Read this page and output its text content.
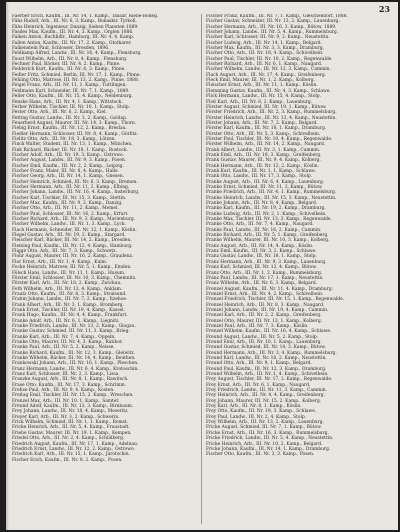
23

Faerber Erich, Kaufm., III. Nr. 14, 1. Kamp., Taxsar, Riebe-Bodeg.

Fähs Rudolf, Arb., III. Nr. 6, 3. Kamp., Bukaskir. Tyrkoll.

Fähs Heinrich, Ingenieur, Danzig, Sieben Planeten 1889.

Fasdes Max, Kaufm., III. Nr. 4, 3. Kamp., Orgien 1886.

Falken Anton, Buchhdlr., Hamburg, III. Nr. 4, 4. Kamp.

Fallen Anton, Kaufm., III. Nr. 17, 2. Kamp., Gtotkarer.

Falkenstein Paul, Schlosser, Dresden, 1896.

Feldkamp Alfred, Landw., III. Nr. 16, 4. Kamp., Flensburg.

Faust Wilhelm, Arb., III. Nr. 8, 4. Kamp., Flensburg.

Fechner Paul, Bäcker, III. Nr. 4, 2. Kamp., Pinne.

Fedderich Kurt, Kaufm., III. Nr. 6, 3. Kamp., Pinne.

Fedler Fritz, Schmied, Berlin, III. Nr. 17, 1. Kamp., Pinne.

Fehling Otto, Matrose, III. Nr. 13, 2. Kamp., Pinne, 1888.

Feigel Franz, Arb., III. Nr. 11, 1. Kamp., Tuttlingen.

Feldmann Karl, Schneider, III. Nr. 7, 1. Kamp., 1889.

Feller Otto, Kaufm., III. Nr. 15, 4. Kamp., Neidenburg.

Fenske Hans, Arb., III. Nr. 4, 1. Kamp., Wittstock.

Ferber Wilhelm, Tischler, III. Nr. 10, 1. Kamp., Stolp.

Fester Otto, Arb., III. Nr. 6, 2. Kamp., Kiel.

Fetting Gustav, Landw., III. Nr. 3, 2. Kamp., Goldap.

Feuerherd August, Maurer, III. Nr. 14, 3. Kamp., Thorn.

Fiebig Ernst, Kaufm., III. Nr. 12, 2. Kamp., Breslau.

Fiedler Hermann, Schlosser, III. Nr. 8, 4. Kamp., Görlitz.

Fielitz Otto, Arb., III. Nr. 18, 3. Kamp., Lötzen.

Finck Walter, Student, III. Nr. 13, 1. Kamp., München.

Fink Richard, Bäcker, III. Nr. 18, 1. Kamp., Rostock.

Fischer Adolf, Arb., III. Nr. 19, 3. Kamp., Ostrowo.

Fischer August, Landw., III. Nr. 9, 3. Kamp., Posen.

Fischer Emil, Kaufm., III. Nr. 2, 2. Kamp., Leipzig.

Fischer Franz, Maler, III. Nr. 8, 4. Kamp., Halle.

Fischer Georg, Arb., III. Nr. 14, 1. Kamp., Gnesen.

Fischer Heinrich, Schmied, III. Nr. 6, 3. Kamp., Bremen.

Fischer Hermann, Arb., III. Nr. 11, 2. Kamp., Elbing.

Fischer Johann, Landw., III. Nr. 16, 4. Kamp., Insterburg.

Fischer Karl, Tischler, III. Nr. 15, 3. Kamp., Stettin.

Fischer Max, Kaufm., III. Nr. 9, 2. Kamp., Danzig.

Fischer Otto, Arb., III. Nr. 11, 2. Kamp., Memel.

Fischer Paul, Schlosser, III. Nr. 16, 2. Kamp., Erfurt.

Fischer Richard, Arb., III. Nr. 9, 3. Kamp., Marienburg.

Fischer Wilhelm, Landw., III. Nr. 1, 3. Kamp., Lyck.

Flach Hermann, Schneider, III. Nr. 12, 1. Kamp., Köslin.

Flegel Gustav, Arb., III. Nr. 19, 2. Kamp., Stargard.

Fleischer Karl, Bäcker, III. Nr. 14, 2. Kamp., Dresden.

Fleming Paul, Kaufm., III. Nr. 12, 4. Kamp., Hamburg.

Fligge Otto, Arb., III. Nr. 7, 3. Kamp., Schwetz.

Flohr August, Maurer, III. Nr. 16, 2. Kamp., Graudenz.

Flor Ernst, Arb., III. Nr. 1, 4. Kamp., Kulm.

Focke Heinrich, Matrose, III. Nr. 5, 1. Kamp., Emden.

Fölsch Hans, Landw., III. Nr. 11, 1. Kamp., Husum.

Förster Emil, Schlosser, III. Nr. 10, 3. Kamp., Chemnitz.

Förster Karl, Arb., III. Nr. 18, 2. Kamp., Zwickau.

Foth Wilhelm, Arb., III. Nr. 13, 4. Kamp., Anklam.

Fraatz Otto, Kaufm., III. Nr. 8, 3. Kamp., Stralsund.

Frahm Johann, Landw., III. Nr. 7, 2. Kamp., Itzehoe.

Frank Albert, Arb., III. Nr. 3, 1. Kamp., Bromberg.

Frank Ernst, Tischler, III. Nr. 19, 4. Kamp., Kassel.

Frank Hugo, Kaufm., III. Nr. 4, 4. Kamp., Frankfurt.

Franke Adolf, Arb., III. Nr. 6, 1. Kamp., Liegnitz.

Franke Friedrich, Landw., III. Nr. 13, 2. Kamp., Glogau.

Franke Gustav, Schmied, III. Nr. 11, 3. Kamp., Brieg.

Franke Karl, Arb., III. Nr. 7, 4. Kamp., Oppeln.

Franke Otto, Maurer, III. Nr. 4, 3. Kamp., Ratibor.

Franke Paul, Arb., III. Nr. 5, 2. Kamp., Neisse.

Franke Richard, Kaufm., III. Nr. 12, 3. Kamp., Gleiwitz.

Franke Wilhelm, Bäcker, III. Nr. 14, 4. Kamp., Beuthen.

Frankowski Johann, Arb., III. Nr. 16, 1. Kamp., Pleschen.

Franz Hermann, Landw., III. Nr. 6, 4. Kamp., Krotoschin.

Franz Karl, Schlosser, III. Nr. 2, 3. Kamp., Lissa.

Franzke August, Arb., III. Nr. 8, 1. Kamp., Rawitsch.

Frase Otto, Kaufm., III. Nr. 17, 3. Kamp., Schrimm.

Frehse Paul, Arb., III. Nr. 9, 4. Kamp., Kosten.

Freitag Emil, Tischler, III. Nr. 15, 2. Kamp., Wreschen.

Frenzel Max, Arb., III. Nr. 10, 1. Kamp., Samter.

Freund Adolf, Kaufm., III. Nr. 13, 3. Kamp., Birnbaum.

Frey Johann, Landw., III. Nr. 18, 4. Kamp., Meseritz.

Freyer Karl, Arb., III. Nr. 3, 2. Kamp., Schwerin.

Frick Wilhelm, Schmied, III. Nr. 1, 1. Kamp., Bomst.

Fricke Heinrich, Arb., III. Nr. 5, 4. Kamp., Fraustadt.

Friebe Gustav, Maurer, III. Nr. 19, 1. Kamp., Kempen.

Friedel Otto, Arb., III. Nr. 2, 4. Kamp., Schildberg.

Friedrich August, Kaufm., III. Nr. 17, 1. Kamp., Adelnau.

Friedrich Ernst, Landw., III. Nr. 12, 2. Kamp., Ostrowo.

Friedrich Karl, Arb., III. Nr. 15, 1. Kamp., Jarotschin.

Fischer Erich, Kaufm., III. Nr. 8, 2. Kamp., Posen.

Fischer Franz, Kaufm., III. Nr. 7, 1. Kamp., Gleschendorf, 1888.

Fischer Gustav, Schneider, III. Nr. 13, 2. Kamp., Lauenburg.

Fischer Hermann, Arb., III. Nr. 16, 3. Kamp., Bütow, 1889.

Fischer Johann, Landw., III. Nr. 5, 4. Kamp., Rummelsburg.

Fischer Karl, Schlosser, III. Nr. 9, 2. Kamp., Neustettin.

Fischer Ludwig, Arb., III. Nr. 14, 1. Kamp., Belgard.

Fischer Max, Kaufm., III. Nr. 3, 3. Kamp., Dramburg.

Fischer Otto, Arb., III. Nr. 18, 4. Kamp., Schivelbein.

Fischer Paul, Tischler, III. Nr. 10, 2. Kamp., Regenwalde.

Fischer Richard, Arb., III. Nr. 6, 1. Kamp., Naugard.

Fischer Wilhelm, Landw., III. Nr. 12, 3. Kamp., Cammin.

Flach August, Arb., III. Nr. 17, 4. Kamp., Greifenberg.

Fleck Emil, Maurer, III. Nr. 1, 2. Kamp., Kolberg.

Fleischer Ernst, Arb., III. Nr. 11, 1. Kamp., Köslin.

Flemming Gustav, Kaufm., III. Nr. 4, 3. Kamp., Schlawe.

Flick Hermann, Landw., III. Nr. 15, 4. Kamp., Stolp.

Floß Karl, Arb., III. Nr. 8, 2. Kamp., Lauenburg.

Förster August, Schmied, III. Nr. 19, 1. Kamp., Bütow.

Förster Friedrich, Arb., III. Nr. 2, 3. Kamp., Rummelsburg.

Förster Heinrich, Landw., III. Nr. 13, 4. Kamp., Neustettin.

Förster Johann, Arb., III. Nr. 7, 2. Kamp., Belgard.

Förster Karl, Kaufm., III. Nr. 16, 1. Kamp., Dramburg.

Förster Otto, Arb., III. Nr. 5, 3. Kamp., Schivelbein.

Förster Paul, Tischler, III. Nr. 10, 4. Kamp., Regenwalde.

Förster Wilhelm, Arb., III. Nr. 14, 2. Kamp., Naugard.

Frank Albert, Landw., III. Nr. 3, 1. Kamp., Cammin.

Frank Emil, Arb., III. Nr. 18, 3. Kamp., Greifenberg.

Frank Gustav, Maurer, III. Nr. 9, 4. Kamp., Kolberg.

Frank Hermann, Arb., III. Nr. 12, 2. Kamp., Köslin.

Frank Karl, Kaufm., III. Nr. 1, 1. Kamp., Schlawe.

Frank Otto, Landw., III. Nr. 17, 3. Kamp., Stolp.

Franke August, Arb., III. Nr. 6, 4. Kamp., Lauenburg.

Franke Ernst, Schmied, III. Nr. 11, 2. Kamp., Bütow.

Franke Friedrich, Arb., III. Nr. 4, 1. Kamp., Rummelsburg.

Franke Heinrich, Landw., III. Nr. 15, 3. Kamp., Neustettin.

Franke Johann, Arb., III. Nr. 8, 4. Kamp., Belgard.

Franke Karl, Kaufm., III. Nr. 19, 2. Kamp., Dramburg.

Franke Ludwig, Arb., III. Nr. 2, 1. Kamp., Schivelbein.

Franke Max, Tischler, III. Nr. 13, 3. Kamp., Regenwalde.

Franke Otto, Arb., III. Nr. 7, 4. Kamp., Naugard.

Franke Paul, Landw., III. Nr. 16, 2. Kamp., Cammin.

Franke Richard, Arb., III. Nr. 5, 1. Kamp., Greifenberg.

Franke Wilhelm, Maurer, III. Nr. 10, 3. Kamp., Kolberg.

Franz August, Arb., III. Nr. 14, 4. Kamp., Köslin.

Franz Emil, Kaufm., III. Nr. 3, 2. Kamp., Schlawe.

Franz Gustav, Landw., III. Nr. 18, 1. Kamp., Stolp.

Franz Hermann, Arb., III. Nr. 9, 3. Kamp., Lauenburg.

Franz Karl, Schmied, III. Nr. 12, 4. Kamp., Bütow.

Franz Otto, Arb., III. Nr. 1, 2. Kamp., Rummelsburg.

Franz Paul, Landw., III. Nr. 17, 1. Kamp., Neustettin.

Franz Wilhelm, Arb., III. Nr. 6, 3. Kamp., Belgard.

Frenzel August, Kaufm., III. Nr. 11, 4. Kamp., Dramburg.

Frenzel Ernst, Arb., III. Nr. 4, 2. Kamp., Schivelbein.

Frenzel Friedrich, Tischler, III. Nr. 15, 1. Kamp., Regenwalde.

Frenzel Heinrich, Arb., III. Nr. 8, 3. Kamp., Naugard.

Frenzel Johann, Landw., III. Nr. 19, 4. Kamp., Cammin.

Frenzel Karl, Arb., III. Nr. 2, 2. Kamp., Greifenberg.

Frenzel Otto, Maurer, III. Nr. 13, 1. Kamp., Kolberg.

Frenzel Paul, Arb., III. Nr. 7, 3. Kamp., Köslin.

Frenzel Wilhelm, Kaufm., III. Nr. 16, 4. Kamp., Schlawe.

Freund August, Landw., III. Nr. 5, 2. Kamp., Stolp.

Freund Emil, Arb., III. Nr. 10, 1. Kamp., Lauenburg.

Freund Gustav, Schmied, III. Nr. 14, 3. Kamp., Bütow.

Freund Hermann, Arb., III. Nr. 3, 4. Kamp., Rummelsburg.

Freund Karl, Landw., III. Nr. 18, 2. Kamp., Neustettin.

Freund Otto, Arb., III. Nr. 9, 1. Kamp., Belgard.

Freund Paul, Kaufm., III. Nr. 12, 3. Kamp., Dramburg.

Freund Wilhelm, Arb., III. Nr. 1, 4. Kamp., Schivelbein.

Frey August, Tischler, III. Nr. 17, 2. Kamp., Regenwalde.

Frey Ernst, Arb., III. Nr. 6, 1. Kamp., Naugard.

Frey Friedrich, Landw., III. Nr. 11, 3. Kamp., Cammin.

Frey Heinrich, Arb., III. Nr. 4, 4. Kamp., Greifenberg.

Frey Johann, Maurer, III. Nr. 15, 2. Kamp., Kolberg.

Frey Karl, Arb., III. Nr. 8, 1. Kamp., Köslin.

Frey Otto, Kaufm., III. Nr. 19, 3. Kamp., Schlawe.

Frey Paul, Landw., III. Nr. 2, 4. Kamp., Stolp.

Frey Wilhelm, Arb., III. Nr. 13, 2. Kamp., Lauenburg.

Fricke August, Schmied, III. Nr. 7, 1. Kamp., Bütow.

Fricke Ernst, Arb., III. Nr. 16, 3. Kamp., Rummelsburg.

Fricke Friedrich, Landw., III. Nr. 5, 4. Kamp., Neustettin.

Fricke Heinrich, Arb., III. Nr. 10, 2. Kamp., Belgard.

Fricke Johann, Kaufm., III. Nr. 14, 1. Kamp., Dramburg.

Fischer Otto, Kaufm., III. Nr. 3, 3. Kamp., Posen.
